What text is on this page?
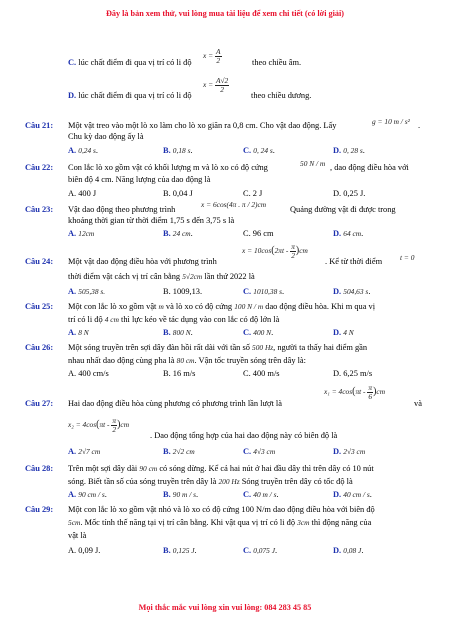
Đây là bản xem thử, vui lòng mua tài liệu để xem chi tiết (có lời giải)
C. lúc chất điểm đi qua vị trí có li độ
$x = \frac{A}{2}$	theo chiều âm.
D. lúc chất điểm đi qua vị trí có li độ
$x = \frac{A√2}{2}$
theo chiều dương.
Câu 21: Một vật treo vào một lò xo làm cho lò xo giãn ra 0,8 cm. Cho vật dao động. Lấy	g = 10 m / s² .
Chu kỳ dao động ấy là
A. 0,24 s.	B. 0,18 s.	C. 0, 24 s.	D. 0, 28 s.
Câu 22: Con lắc lò xo gồm vật có khối lượng m và lò xo có độ cứng	50 N / m , dao động điều hòa với
biên độ 4 cm. Năng lượng của dao động là
A. 400 J	B. 0,04 J	C. 2 J	D. 0,25 J.
Câu 23: Vật dao động theo phương trình
x = 6cos(4π . π / 2)cm
Quảng đường vật đi được trong
khoảng thời gian từ thời điểm 1,75 s đến 3,75 s là
A. 12cm	B. 24 cm.	C. 96 cm	D. 64 cm.
Câu 24: Một vật dao động điều hòa với phương trình
$x = 10\cos(2\pi t - \frac{\pi}{2} )cm$
. Kể từ thời điểm t = 0
thời điểm vật cách vị trí cân bằng 5√2cm lần thứ 2022 là
A. 505,38 s.	B. 1009,13.	C. 1010,38 s.	D. 504,63 s.
Câu 25: Một con lắc lò xo gồm vật m và lò xo có độ cứng 100 N / m dao động điều hòa. Khi m qua vị
trí có li độ 4 cm thì lực kéo về tác dụng vào con lắc có độ lớn là
A. 8 N	B. 800 N.	C. 400 N.	D. 4 N
Câu 26: Một sóng truyền trên sợi dây đàn hồi rất dài với tần số 500 Hz, người ta thấy hai điểm gần
nhau nhất dao động cùng pha là 80 cm. Vận tốc truyền sóng trên dây là:
A. 400 cm/s	B. 16 m/s	C. 400 m/s	D. 6,25 m/s
Câu 27: Hai dao động điều hòa cùng phương có phương trình lần lượt là
$x_1 = 4\cos(\pi t - \frac{\pi}{6} )cm$
và
$x_2 = 4\cos(\pi t - \frac{\pi}{2} )cm$
. Dao động tổng hợp của hai dao động này có biên độ là
A. 2√7 cm	B. 2√2 cm	C. 4√3 cm	D. 2√3 cm
Câu 28: Trên một sợi dây dài 90 cm có sóng dừng. Kể cả hai nút ở hai đầu dây thì trên dây có 10 nút
sóng. Biết tần số của sóng truyền trên dây là 200 Hz Sóng truyền trên dây có tốc độ là
A. 90 cm / s.	B. 90 m / s.	C. 40 m / s.	D. 40 cm / s.
Câu 29: Một con lắc lò xo gồm vật nhỏ và lò xo có độ cứng 100 N/m dao động điều hòa với biên độ
5cm. Mốc tính thế năng tại vị trí cân bằng. Khi vật qua vị trí có li độ 3cm thì động năng của
vật là
A. 0,09 J.	B. 0,125 J.	C. 0,075 J.	D. 0,08 J.
Mọi thắc mắc vui lòng xin vui lòng: 084 283 45 85
